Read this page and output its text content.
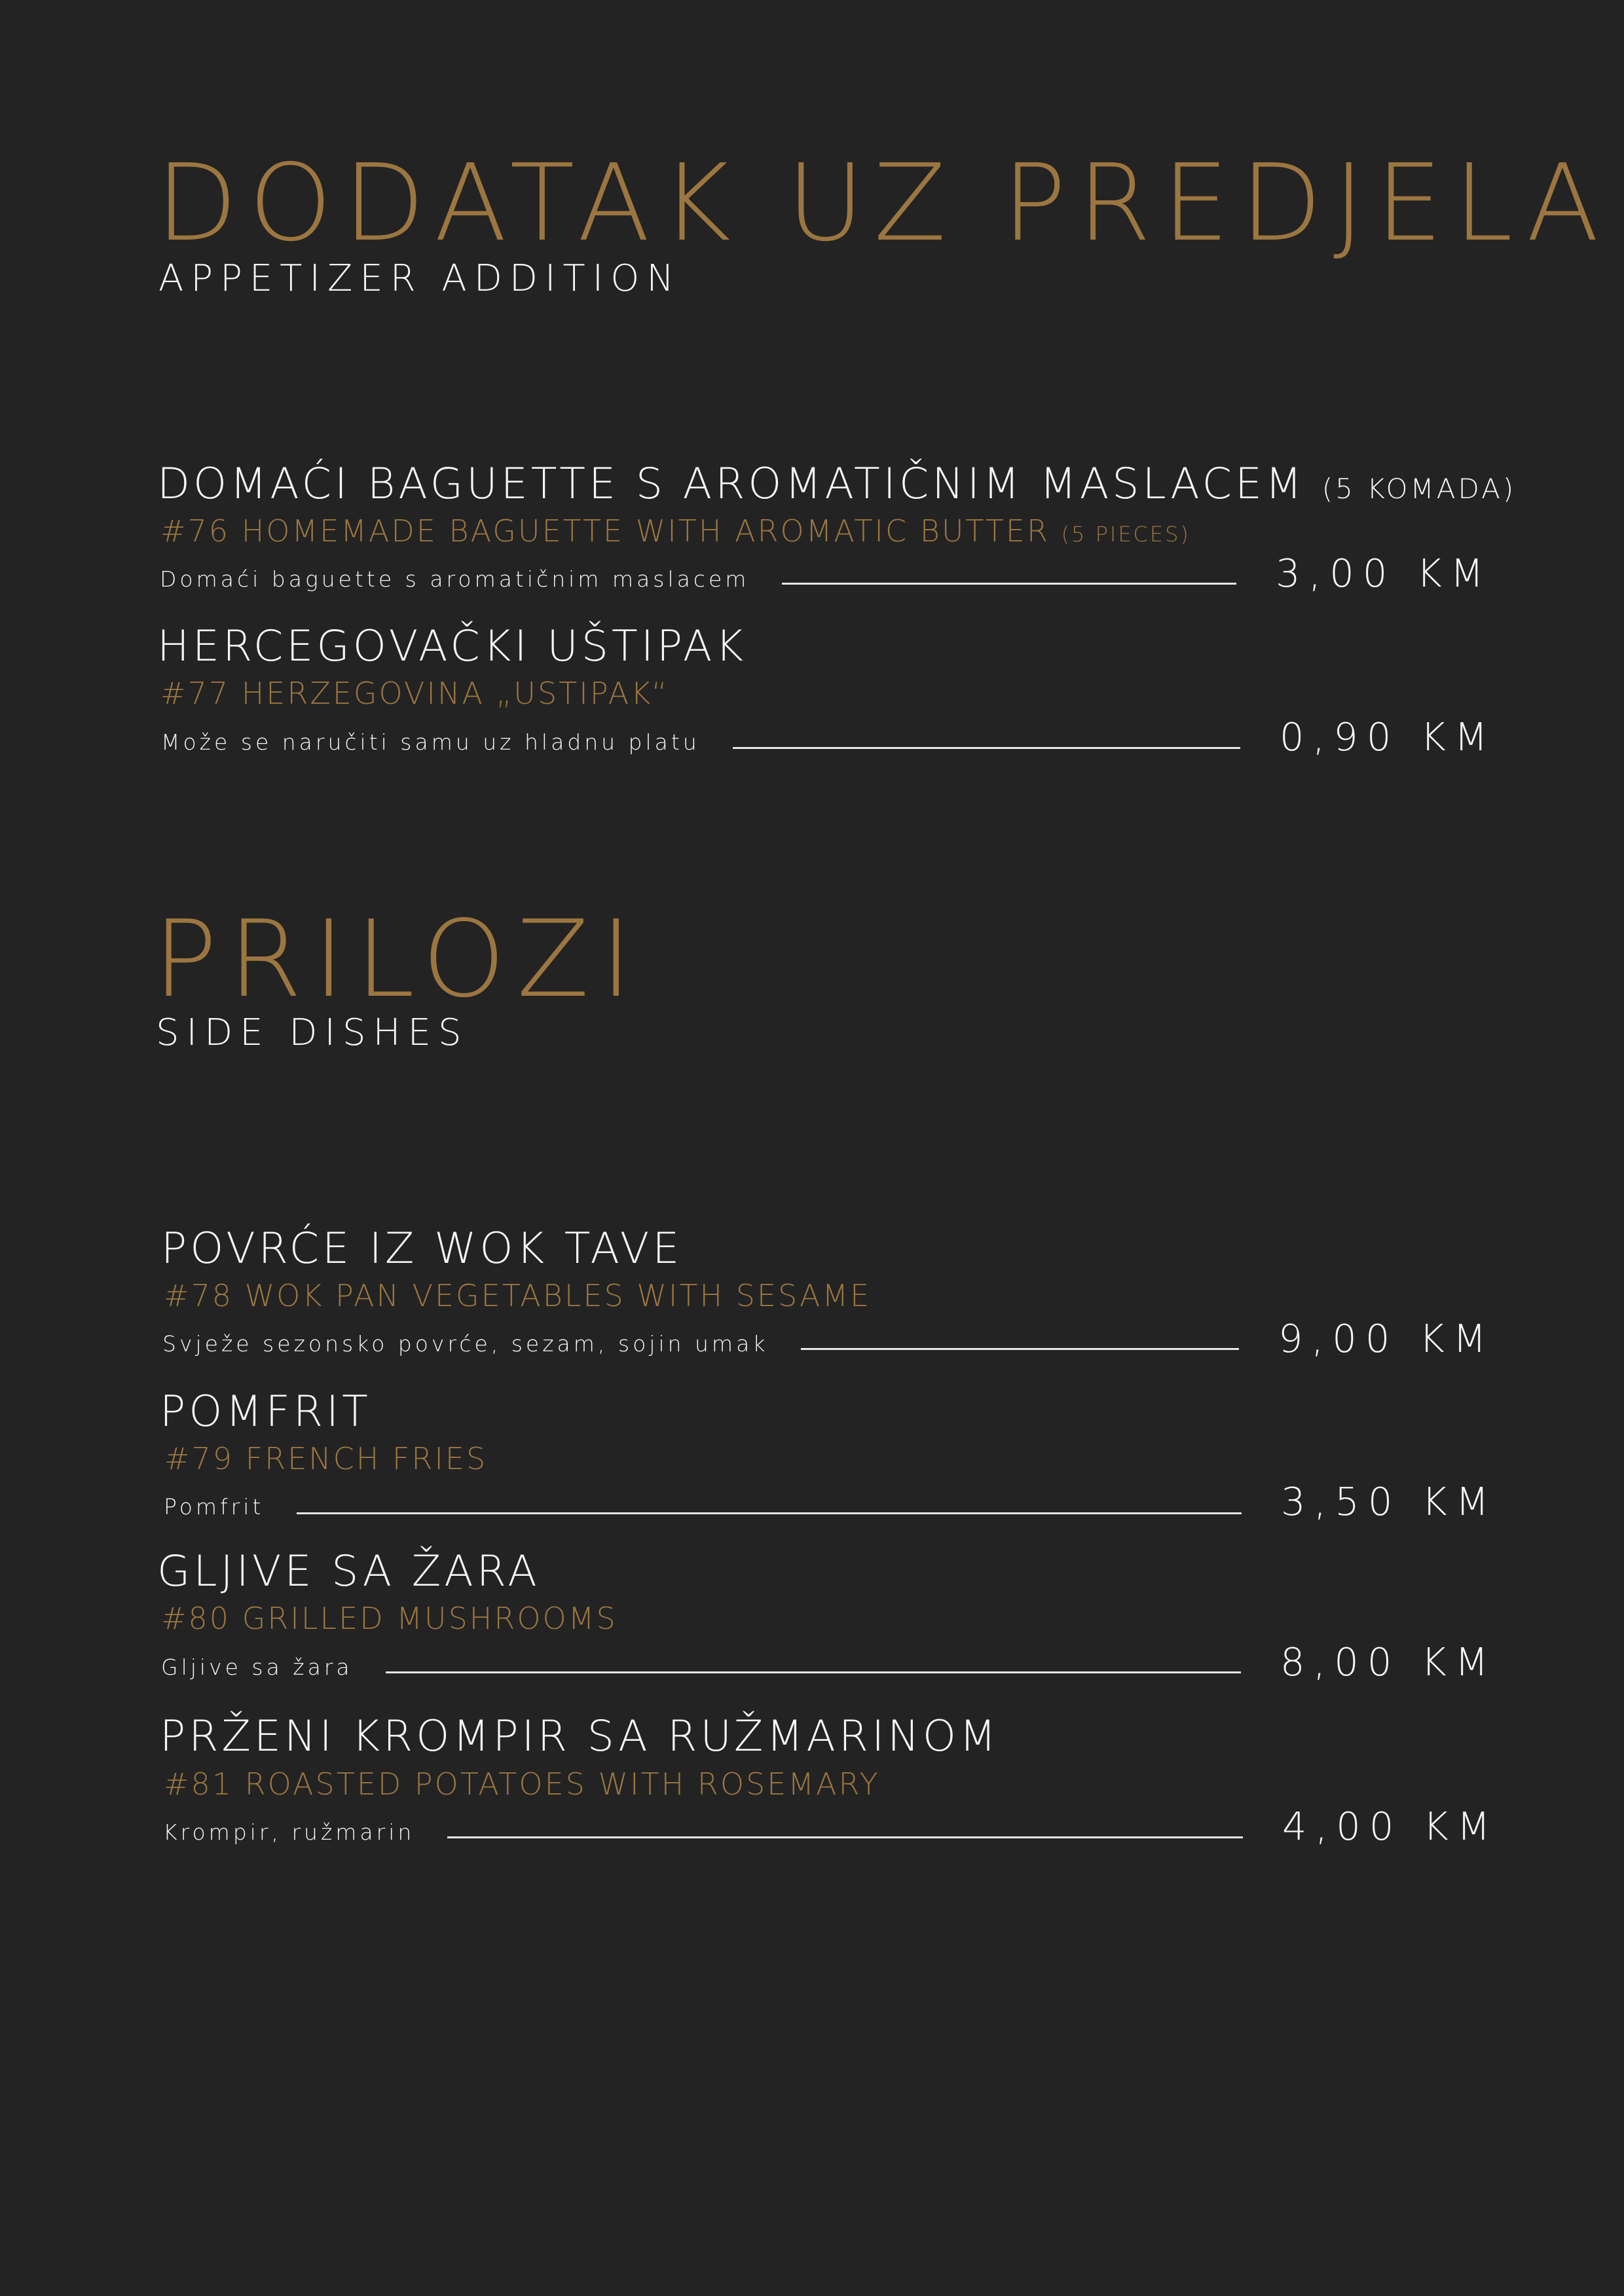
DODATAK UZ PREDJELA
APPETIZER ADDITION
DOMAĆI BAGUETTE S AROMATIČNIM MASLACEM (5 KOMADA)
#76 HOMEMADE BAGUETTE WITH AROMATIC BUTTER (5 PIECES)
Domaći baguette s aromatičnim maslacem	3,00 KM
HERCEGOVAČKI UŠTIPAK
#77 HERZEGOVINA „USTIPAK“
Može se naručiti samu uz hladnu platu	0,90 KM
PRILOZI
SIDE DISHES
POVRĆE IZ WOK TAVE
#78 WOK PAN VEGETABLES WITH SESAME
Svježe sezonsko povrće, sezam, sojin umak	9,00 KM
POMFRIT
#79 FRENCH FRIES
Pomfrit	3,50 KM
GLJIVE SA ŽARA
#80 GRILLED MUSHROOMS
Gljive sa žara	8,00 KM
PRŽENI KROMPIR SA RUŽMARINOM
#81 ROASTED POTATOES WITH ROSEMARY
Krompir, ružmarin	4,00 KM
